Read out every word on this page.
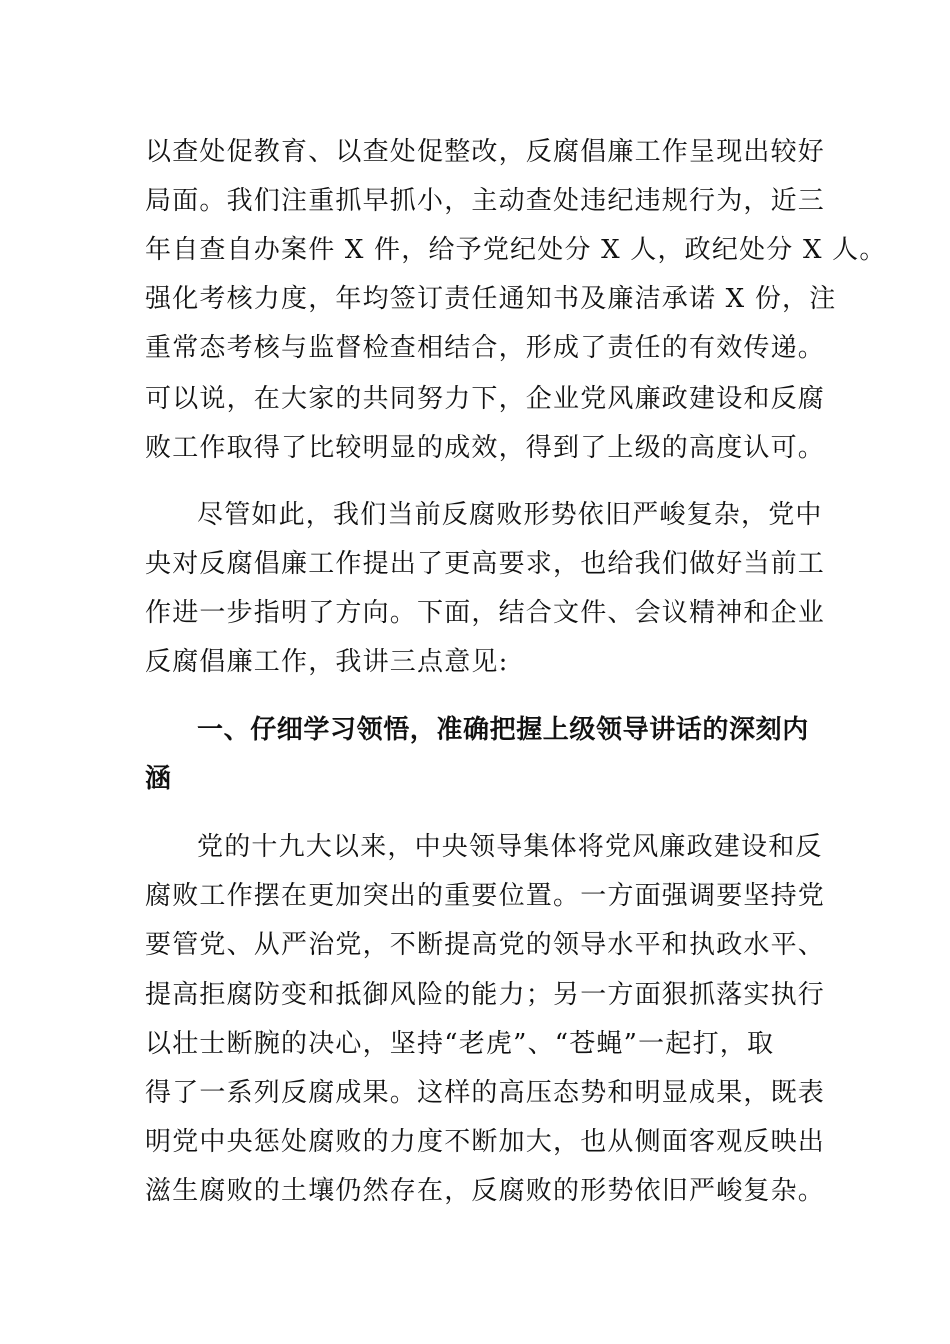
以查处促教育、以查处促整改，反腐倡廉工作呈现出较好

局面。我们注重抓早抓小，主动查处违纪违规行为，近三

年自查自办案件 X 件，给予党纪处分 X 人，政纪处分 X 人。

强化考核力度，年均签订责任通知书及廉洁承诺 X 份，注

重常态考核与监督检查相结合，形成了责任的有效传递。

可以说，在大家的共同努力下，企业党风廉政建设和反腐

败工作取得了比较明显的成效，得到了上级的高度认可。

尽管如此，我们当前反腐败形势依旧严峻复杂，党中

央对反腐倡廉工作提出了更高要求，也给我们做好当前工

作进一步指明了方向。下面，结合文件、会议精神和企业

反腐倡廉工作，我讲三点意见:

一、仔细学习领悟，准确把握上级领导讲话的深刻内

涵

党的十九大以来，中央领导集体将党风廉政建设和反

腐败工作摆在更加突出的重要位置。一方面强调要坚持党

要管党、从严治党，不断提高党的领导水平和执政水平、

提高拒腐防变和抵御风险的能力；另一方面狠抓落实执行

以壮士断腕的决心，坚持“老虎”、“苍蝇”一起打，取

得了一系列反腐成果。这样的高压态势和明显成果，既表

明党中央惩处腐败的力度不断加大，也从侧面客观反映出

滋生腐败的土壤仍然存在，反腐败的形势依旧严峻复杂。
